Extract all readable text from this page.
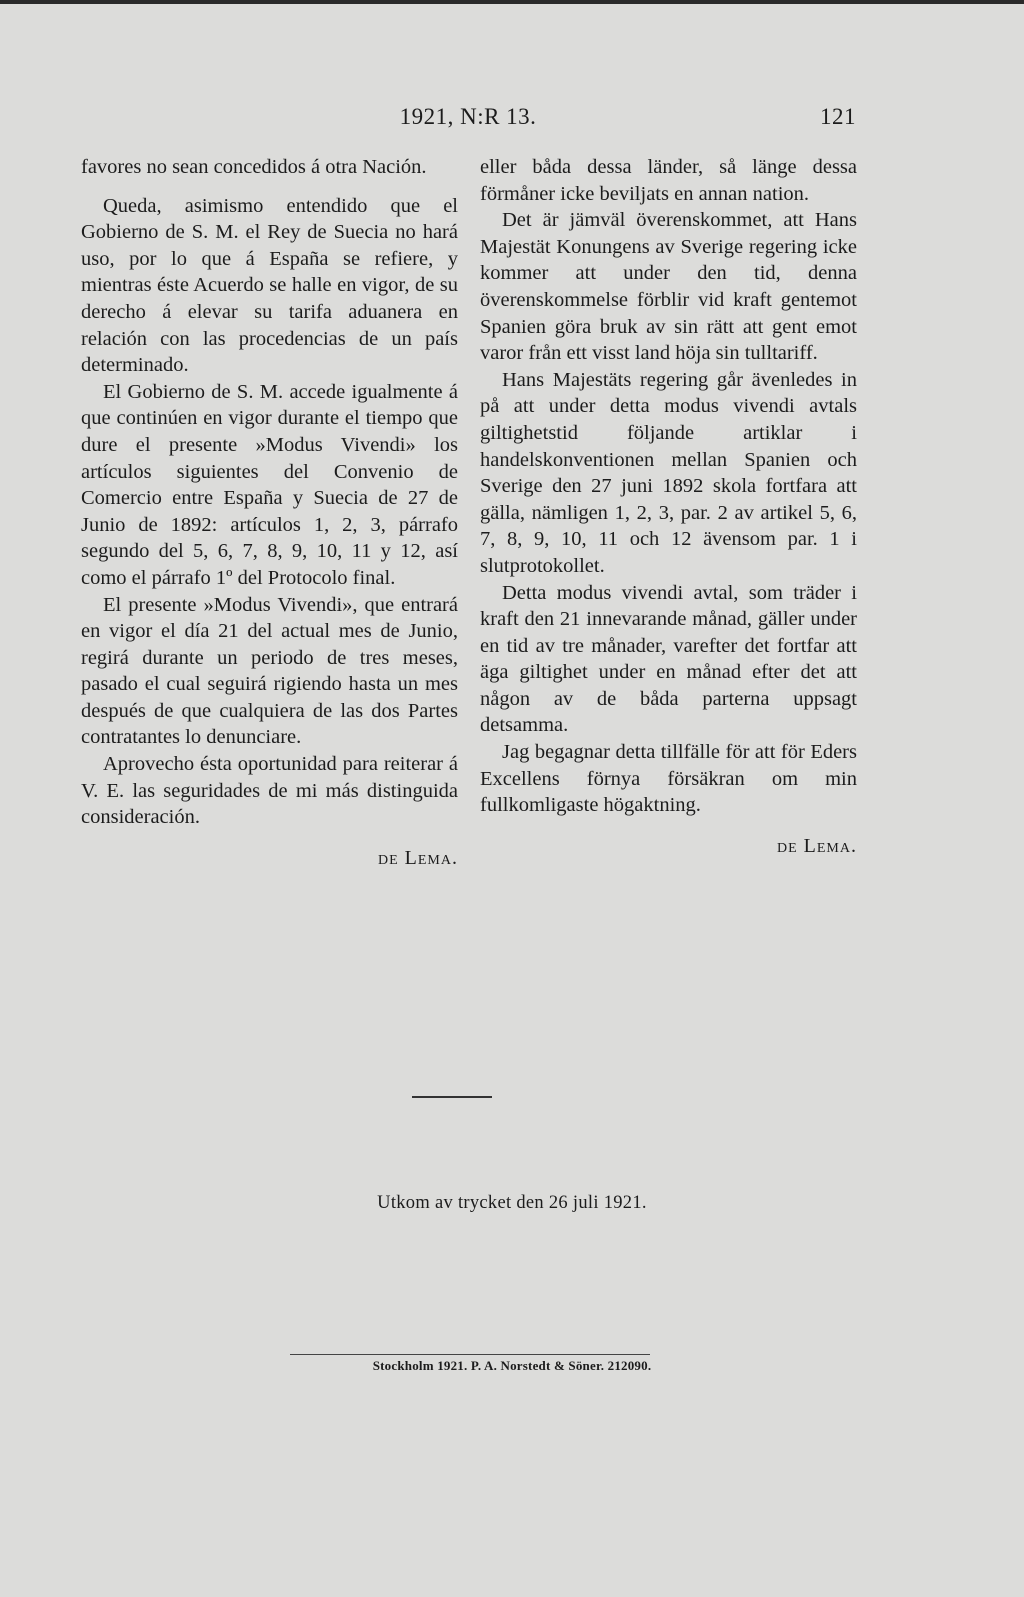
1921, N:R 13.	121

favores no sean concedidos á otra Nación.

Queda, asimismo entendido que el Gobierno de S. M. el Rey de Suecia no hará uso, por lo que á España se refiere, y mientras éste Acuerdo se halle en vigor, de su derecho á elevar su tarifa aduanera en relación con las procedencias de un país determinado.

El Gobierno de S. M. accede igualmente á que continúen en vigor durante el tiempo que dure el presente »Modus Vivendi» los artículos siguientes del Convenio de Comercio entre España y Suecia de 27 de Junio de 1892: artículos 1, 2, 3, párrafo segundo del 5, 6, 7, 8, 9, 10, 11 y 12, así como el párrafo 1º del Protocolo final.

El presente »Modus Vivendi», que entrará en vigor el día 21 del actual mes de Junio, regirá durante un periodo de tres meses, pasado el cual seguirá rigiendo hasta un mes después de que cualquiera de las dos Partes contratantes lo denunciare.

Aprovecho ésta oportunidad para reiterar á V. E. las seguridades de mi más distinguida consideración.

de Lema.

eller båda dessa länder, så länge dessa förmåner icke beviljats en annan nation.

Det är jämväl överenskommet, att Hans Majestät Konungens av Sverige regering icke kommer att under den tid, denna överenskommelse förblir vid kraft gentemot Spanien göra bruk av sin rätt att gent emot varor från ett visst land höja sin tulltariff.

Hans Majestäts regering går ävenledes in på att under detta modus vivendi avtals giltighetstid följande artiklar i handelskonventionen mellan Spanien och Sverige den 27 juni 1892 skola fortfara att gälla, nämligen 1, 2, 3, par. 2 av artikel 5, 6, 7, 8, 9, 10, 11 och 12 ävensom par. 1 i slutprotokollet.

Detta modus vivendi avtal, som träder i kraft den 21 innevarande månad, gäller under en tid av tre månader, varefter det fortfar att äga giltighet under en månad efter det att någon av de båda parterna uppsagt detsamma.

Jag begagnar detta tillfälle för att för Eders Excellens förnya försäkran om min fullkomligaste högaktning.

de Lema.
Utkom av trycket den 26 juli 1921.
Stockholm 1921. P. A. Norstedt & Söner. 212090.
